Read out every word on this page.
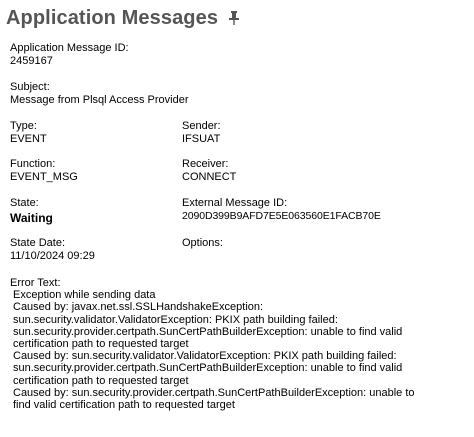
Application Messages
Application Message ID:
2459167
Subject:
Message from Plsql Access Provider
Type:
EVENT
Sender:
IFSUAT
Function:
EVENT_MSG
Receiver:
CONNECT
State:
Waiting
External Message ID:
2090D399B9AFD7E5E063560E1FACB70E
State Date:
11/10/2024 09:29
Options:
Error Text:
Exception while sending data
Caused by: javax.net.ssl.SSLHandshakeException:
sun.security.validator.ValidatorException: PKIX path building failed:
sun.security.provider.certpath.SunCertPathBuilderException: unable to find valid
certification path to requested target
Caused by: sun.security.validator.ValidatorException: PKIX path building failed:
sun.security.provider.certpath.SunCertPathBuilderException: unable to find valid
certification path to requested target
Caused by: sun.security.provider.certpath.SunCertPathBuilderException: unable to
find valid certification path to requested target
